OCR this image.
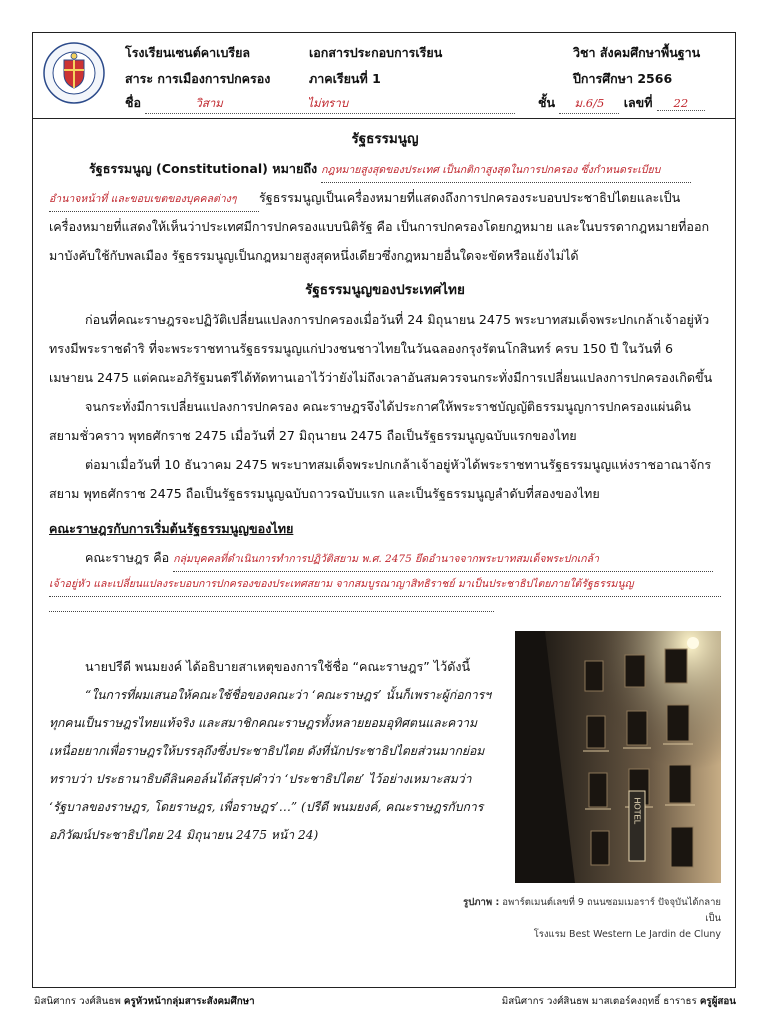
โรงเรียนเซนต์คาเบรียล	เอกสารประกอบการเรียน	วิชา สังคมศึกษาพื้นฐาน
สาระ การเมืองการปกครอง	ภาคเรียนที่ 1	ปีการศึกษา 2566
ชื่อ	วิสาม	ไม่ทราบ	ชั้น ม.6/5 เลขที่ 22
รัฐธรรมนูญ

รัฐธรรมนูญ (Constitutional) หมายถึง กฎหมายสูงสุดของประเทศ เป็นกติกาสูงสุดในการปกครอง ซึ่งกำหนดระเบียบ

อำนาจหน้าที่ และขอบเขตของบุคคลต่างๆ รัฐธรรมนูญเป็นเครื่องหมายที่แสดงถึงการปกครองระบอบประชาธิปไตยและเป็นเครื่องหมายที่แสดงให้เห็นว่าประเทศมีการปกครองแบบนิติรัฐ คือ เป็นการปกครองโดยกฎหมาย และในบรรดากฎหมายที่ออกมาบังคับใช้กับพลเมือง รัฐธรรมนูญเป็นกฎหมายสูงสุดหนึ่งเดียวซึ่งกฎหมายอื่นใดจะขัดหรือแย้งไม่ได้

รัฐธรรมนูญของประเทศไทย

ก่อนที่คณะราษฎรจะปฏิวัติเปลี่ยนแปลงการปกครองเมื่อวันที่ 24 มิถุนายน 2475 พระบาทสมเด็จพระปกเกล้าเจ้าอยู่หัวทรงมีพระราชดำริ ที่จะพระราชทานรัฐธรรมนูญแก่ปวงชนชาวไทยในวันฉลองกรุงรัตนโกสินทร์ ครบ 150 ปี ในวันที่ 6 เมษายน 2475 แต่คณะอภิรัฐมนตรีได้ทัดทานเอาไว้ว่ายังไม่ถึงเวลาอันสมควรจนกระทั่งมีการเปลี่ยนแปลงการปกครองเกิดขึ้น

จนกระทั่งมีการเปลี่ยนแปลงการปกครอง คณะราษฎรจึงได้ประกาศให้พระราชบัญญัติธรรมนูญการปกครองแผ่นดินสยามชั่วคราว พุทธศักราช 2475 เมื่อวันที่ 27 มิถุนายน 2475 ถือเป็นรัฐธรรมนูญฉบับแรกของไทย

ต่อมาเมื่อวันที่ 10 ธันวาคม 2475 พระบาทสมเด็จพระปกเกล้าเจ้าอยู่หัวได้พระราชทานรัฐธรรมนูญแห่งราชอาณาจักรสยาม พุทธศักราช 2475 ถือเป็นรัฐธรรมนูญฉบับถาวรฉบับแรก และเป็นรัฐธรรมนูญลำดับที่สองของไทย

คณะราษฎรกับการเริ่มต้นรัฐธรรมนูญของไทย

คณะราษฎร คือ กลุ่มบุคคลที่ดำเนินการทำการปฏิวัติสยาม พ.ศ. 2475 ยึดอำนาจจากพระบาทสมเด็จพระปกเกล้า

เจ้าอยู่หัว และเปลี่ยนแปลงระบอบการปกครองของประเทศสยาม จากสมบูรณาญาสิทธิราชย์ มาเป็นประชาธิปไตยภายใต้รัฐธรรมนูญ

นายปรีดี พนมยงค์ ได้อธิบายสาเหตุของการใช้ชื่อ “คณะราษฎร” ไว้ดังนี้

“ในการที่ผมเสนอให้คณะใช้ชื่อของคณะว่า ‘คณะราษฎร’ นั้นก็เพราะผู้ก่อการฯ ทุกคนเป็นราษฎรไทยแท้จริง และสมาชิกคณะราษฎรทั้งหลายยอมอุทิศตนและความเหนื่อยยากเพื่อราษฎรให้บรรลุถึงซึ่งประชาธิปไตย ดังที่นักประชาธิปไตยส่วนมากย่อมทราบว่า ประธานาธิบดีลินคอล์นได้สรุปคำว่า ‘ประชาธิปไตย’ ไว้อย่างเหมาะสมว่า ‘รัฐบาลของราษฎร, โดยราษฎร, เพื่อราษฎร’…” (ปรีดี พนมยงค์, คณะราษฎรกับการอภิวัฒน์ประชาธิปไตย 24 มิถุนายน 2475 หน้า 24)

HOTEL
รูปภาพ : อพาร์ตเมนต์เลขที่ 9 ถนนซอมเมอราร์ ปัจจุบันได้กลายเป็น
โรงแรม Best Western Le Jardin de Cluny
มิสนิศากร วงศ์สินธพ ครูหัวหน้ากลุ่มสาระสังคมศึกษา	มิสนิศากร วงศ์สินธพ มาสเตอร์คงฤทธิ์ ธาราธร ครูผู้สอน
